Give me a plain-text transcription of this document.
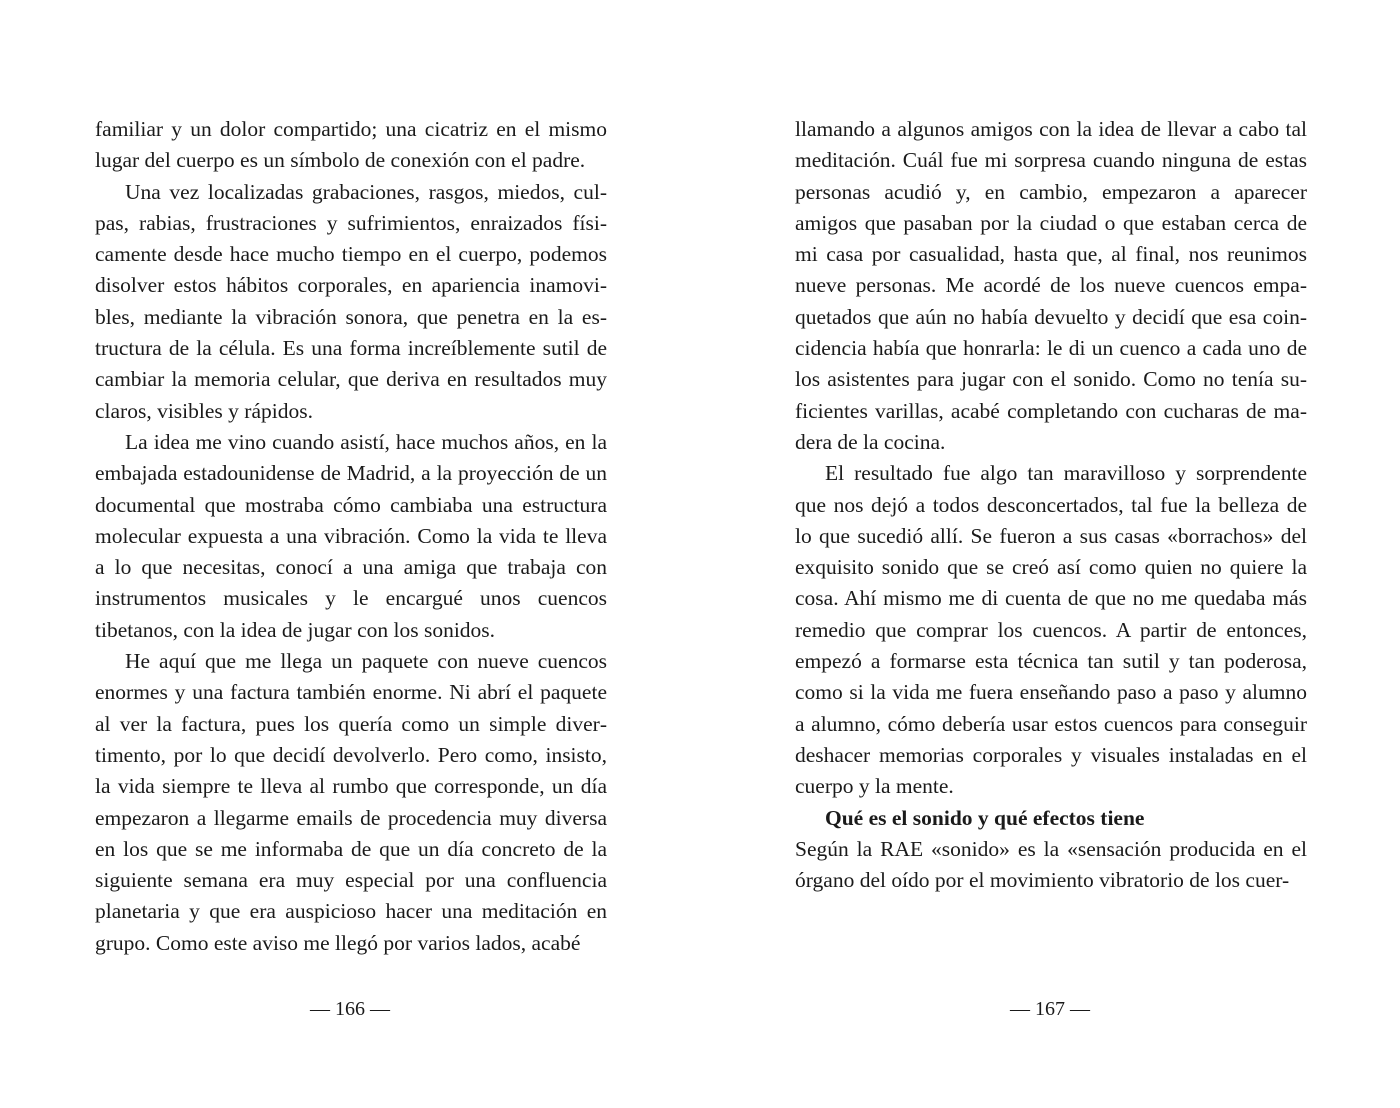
familiar y un dolor compartido; una cicatriz en el mismo lugar del cuerpo es un símbolo de conexión con el padre.

Una vez localizadas grabaciones, rasgos, miedos, culpas, rabias, frustraciones y sufrimientos, enraizados físicamente desde hace mucho tiempo en el cuerpo, podemos disolver estos hábitos corporales, en apariencia inamovibles, mediante la vibración sonora, que penetra en la estructura de la célula. Es una forma increíblemente sutil de cambiar la memoria celular, que deriva en resultados muy claros, visibles y rápidos.

La idea me vino cuando asistí, hace muchos años, en la embajada estadounidense de Madrid, a la proyección de un documental que mostraba cómo cambiaba una estructura molecular expuesta a una vibración. Como la vida te lleva a lo que necesitas, conocí a una amiga que trabaja con instrumentos musicales y le encargué unos cuencos tibetanos, con la idea de jugar con los sonidos.

He aquí que me llega un paquete con nueve cuencos enormes y una factura también enorme. Ni abrí el paquete al ver la factura, pues los quería como un simple divertimento, por lo que decidí devolverlo. Pero como, insisto, la vida siempre te lleva al rumbo que corresponde, un día empezaron a llegarme emails de procedencia muy diversa en los que se me informaba de que un día concreto de la siguiente semana era muy especial por una confluencia planetaria y que era auspicioso hacer una meditación en grupo. Como este aviso me llegó por varios lados, acabé

— 166 —

llamando a algunos amigos con la idea de llevar a cabo tal meditación. Cuál fue mi sorpresa cuando ninguna de estas personas acudió y, en cambio, empezaron a aparecer amigos que pasaban por la ciudad o que estaban cerca de mi casa por casualidad, hasta que, al final, nos reunimos nueve personas. Me acordé de los nueve cuencos empaquetados que aún no había devuelto y decidí que esa coincidencia había que honrarla: le di un cuenco a cada uno de los asistentes para jugar con el sonido. Como no tenía suficientes varillas, acabé completando con cucharas de madera de la cocina.

El resultado fue algo tan maravilloso y sorprendente que nos dejó a todos desconcertados, tal fue la belleza de lo que sucedió allí. Se fueron a sus casas «borrachos» del exquisito sonido que se creó así como quien no quiere la cosa. Ahí mismo me di cuenta de que no me quedaba más remedio que comprar los cuencos. A partir de entonces, empezó a formarse esta técnica tan sutil y tan poderosa, como si la vida me fuera enseñando paso a paso y alumno a alumno, cómo debería usar estos cuencos para conseguir deshacer memorias corporales y visuales instaladas en el cuerpo y la mente.

Qué es el sonido y qué efectos tiene

Según la RAE «sonido» es la «sensación producida en el órgano del oído por el movimiento vibratorio de los cuer-

— 167 —
